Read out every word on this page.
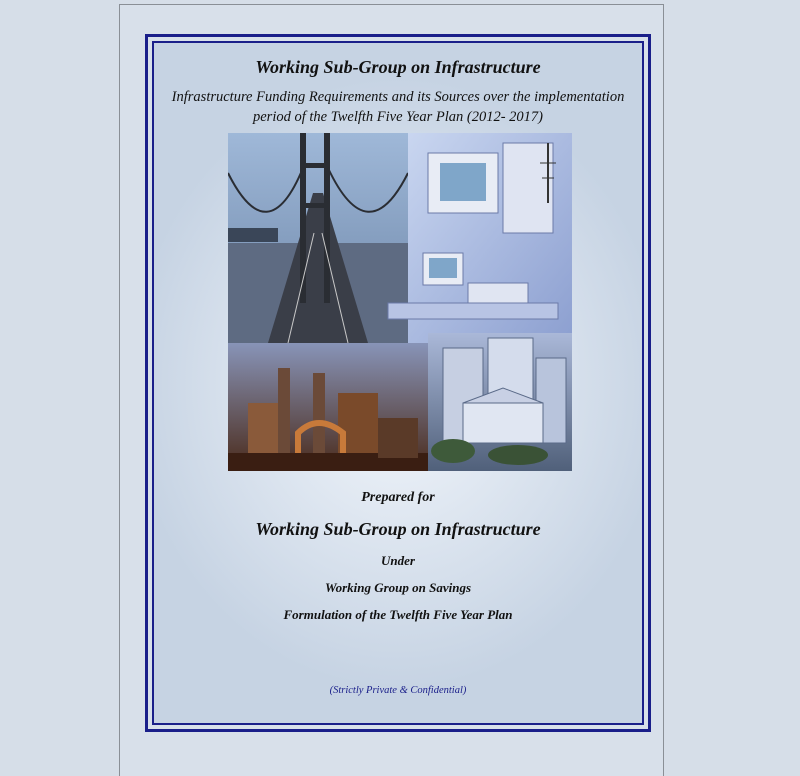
Working Sub-Group on Infrastructure
Infrastructure Funding Requirements and its Sources over the implementation
period of the Twelfth Five Year Plan (2012- 2017)
Prepared for
Working Sub-Group on Infrastructure
Under
Working Group on Savings
Formulation of the Twelfth Five Year Plan
(Strictly Private & Confidential)
